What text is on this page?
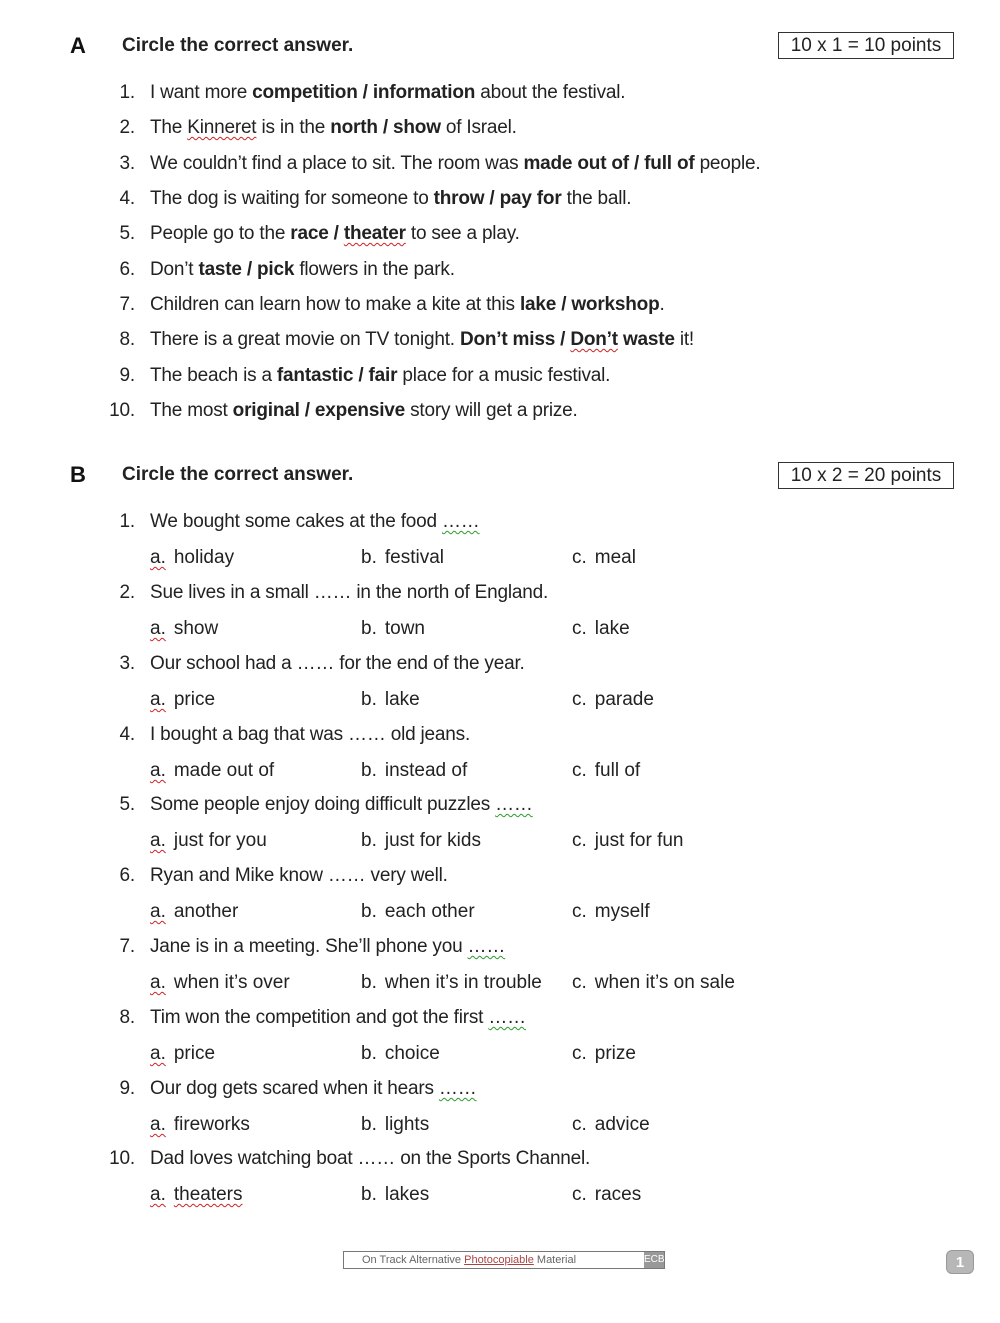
A Circle the correct answer.	10 x 1 = 10 points
1. I want more competition / information about the festival.
2. The Kinneret is in the north / show of Israel.
3. We couldn’t find a place to sit. The room was made out of / full of people.
4. The dog is waiting for someone to throw / pay for the ball.
5. People go to the race / theater to see a play.
6. Don’t taste / pick flowers in the park.
7. Children can learn how to make a kite at this lake / workshop.
8. There is a great movie on TV tonight. Don’t miss / Don’t waste it!
9. The beach is a fantastic / fair place for a music festival.
10. The most original / expensive story will get a prize.
B Circle the correct answer.	10 x 2 = 20 points
1. We bought some cakes at the food ……
a. holiday	b. festival	c. meal
2. Sue lives in a small …… in the north of England.
a. show	b. town	c. lake
3. Our school had a …… for the end of the year.
a. price	b. lake	c. parade
4. I bought a bag that was …… old jeans.
a. made out of	b. instead of	c. full of
5. Some people enjoy doing difficult puzzles ……
a. just for you	b. just for kids	c. just for fun
6. Ryan and Mike know …… very well.
a. another	b. each other	c. myself
7. Jane is in a meeting. She’ll phone you ……
a. when it’s over	b. when it’s in trouble c. when it’s on sale
8. Tim won the competition and got the first ……
a. price	b. choice	c. prize
9. Our dog gets scared when it hears ……
a. fireworks	b. lights	c. advice
10. Dad loves watching boat …… on the Sports Channel.
a. theaters	b. lakes	c. races
On Track Alternative Photocopiable Material	ECB	1
